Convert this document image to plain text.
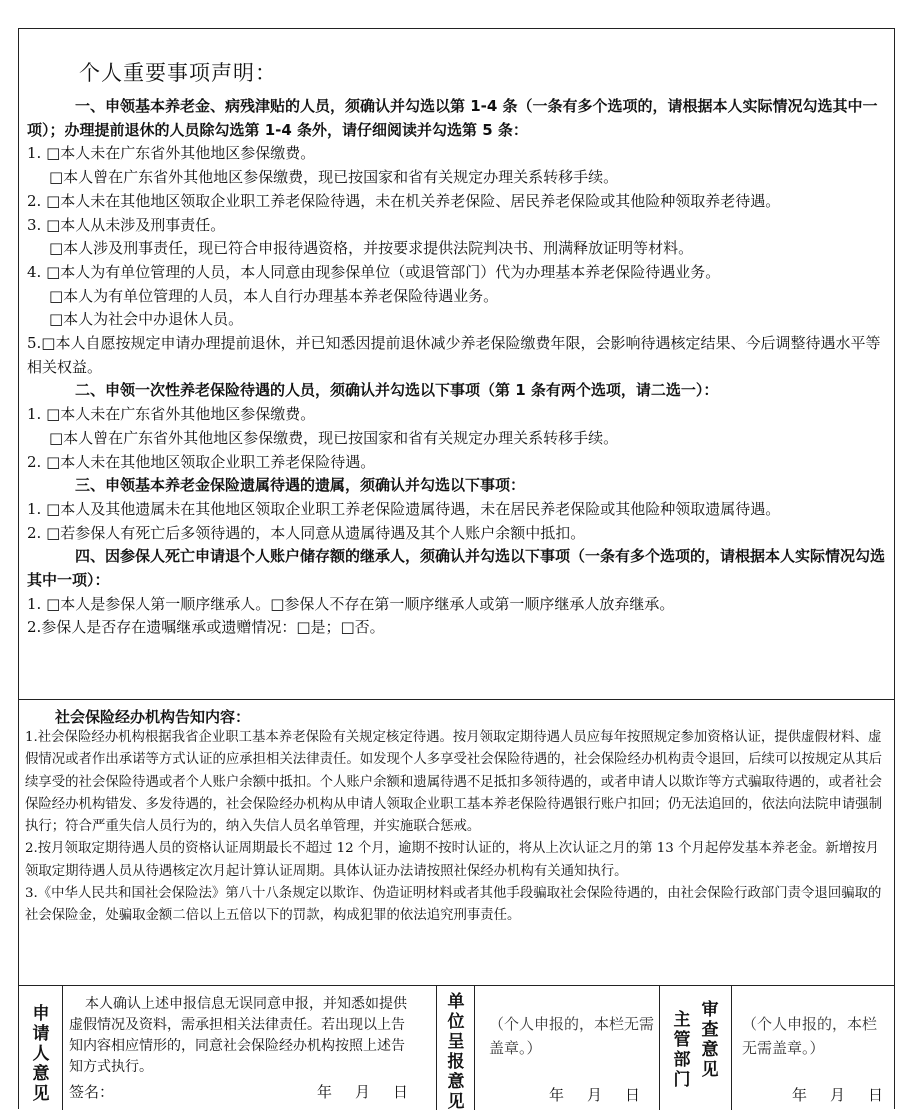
个人重要事项声明：

一、申领基本养老金、病残津贴的人员，须确认并勾选以第 1-4 条（一条有多个选项的，请根据本人实际情况勾选其中一项）；办理提前退休的人员除勾选第 1-4 条外，请仔细阅读并勾选第 5 条：

1. □本人未在广东省外其他地区参保缴费。

□本人曾在广东省外其他地区参保缴费，现已按国家和省有关规定办理关系转移手续。

2. □本人未在其他地区领取企业职工养老保险待遇，未在机关养老保险、居民养老保险或其他险种领取养老待遇。

3. □本人从未涉及刑事责任。

□本人涉及刑事责任，现已符合申报待遇资格，并按要求提供法院判决书、刑满释放证明等材料。

4. □本人为有单位管理的人员，本人同意由现参保单位（或退管部门）代为办理基本养老保险待遇业务。

□本人为有单位管理的人员，本人自行办理基本养老保险待遇业务。

□本人为社会中办退休人员。

5.□本人自愿按规定申请办理提前退休，并已知悉因提前退休减少养老保险缴费年限，会影响待遇核定结果、今后调整待遇水平等相关权益。

二、申领一次性养老保险待遇的人员，须确认并勾选以下事项（第 1 条有两个选项，请二选一）：

1. □本人未在广东省外其他地区参保缴费。

□本人曾在广东省外其他地区参保缴费，现已按国家和省有关规定办理关系转移手续。

2. □本人未在其他地区领取企业职工养老保险待遇。

三、申领基本养老金保险遗属待遇的遗属，须确认并勾选以下事项：

1. □本人及其他遗属未在其他地区领取企业职工养老保险遗属待遇，未在居民养老保险或其他险种领取遗属待遇。

2. □若参保人有死亡后多领待遇的，本人同意从遗属待遇及其个人账户余额中抵扣。

四、因参保人死亡申请退个人账户储存额的继承人，须确认并勾选以下事项（一条有多个选项的，请根据本人实际情况勾选其中一项）：

1. □本人是参保人第一顺序继承人。□参保人不存在第一顺序继承人或第一顺序继承人放弃继承。

2.参保人是否存在遗嘱继承或遗赠情况：□是；□否。

社会保险经办机构告知内容：

1.社会保险经办机构根据我省企业职工基本养老保险有关规定核定待遇。按月领取定期待遇人员应每年按照规定参加资格认证，提供虚假材料、虚假情况或者作出承诺等方式认证的应承担相关法律责任。如发现个人多享受社会保险待遇的，社会保险经办机构责令退回，后续可以按规定从其后续享受的社会保险待遇或者个人账户余额中抵扣。个人账户余额和遗属待遇不足抵扣多领待遇的，或者申请人以欺诈等方式骗取待遇的，或者社会保险经办机构错发、多发待遇的，社会保险经办机构从申请人领取企业职工基本养老保险待遇银行账户扣回；仍无法追回的，依法向法院申请强制执行；符合严重失信人员行为的，纳入失信人员名单管理，并实施联合惩戒。

2.按月领取定期待遇人员的资格认证周期最长不超过 12 个月，逾期不按时认证的，将从上次认证之月的第 13 个月起停发基本养老金。新增按月领取定期待遇人员从待遇核定次月起计算认证周期。具体认证办法请按照社保经办机构有关通知执行。

3.《中华人民共和国社会保险法》第八十八条规定以欺诈、伪造证明材料或者其他手段骗取社会保险待遇的，由社会保险行政部门责令退回骗取的社会保险金，处骗取金额二倍以上五倍以下的罚款，构成犯罪的依法追究刑事责任。

申请人意见
本人确认上述申报信息无误同意申报，并知悉如提供虚假情况及资料，需承担相关法律责任。若出现以上告知内容相应情形的，同意社会保险经办机构按照上述告知方式执行。
签名：	年　月　日
单位呈报意见
（个人申报的，本栏无需盖章。）
年　月　日
主管部门
审查意见
（个人申报的，本栏无需盖章。）
年　月　日
